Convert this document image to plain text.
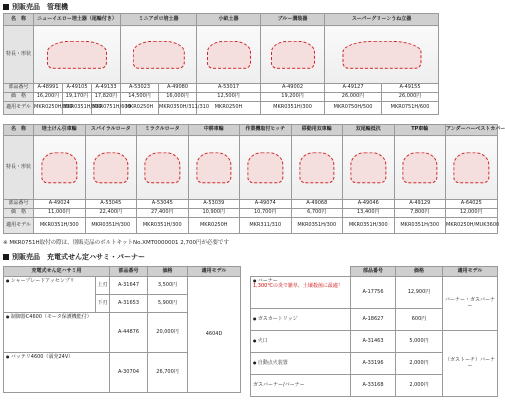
別販売品　管理機
名　称	ニューイエロー培土器（尾輪付き）			ミニアポロ培土器		小畝土器	ブルー溝装器	スーパーグリーンうね立器		
特長・形状					

部品番号	A-48991	A-49105	A-49133	A-53023	A-49080	A-53017	A-49002	A-49127	A-49155	
価　格	16,200円	19,170円	17,820円	14,500円	16,000円	12,500円	19,200円	26,000円	26,000円	
適用モデル	MKR0250H/300	MKR0351H/500	MKR0751H/600	MKR0250H	MKR0350H/311/310	MKR0250H	MKR0351H/300	MKR0750H/500	MKR0751H/600	
名　称	培土けん引車輪	スパイラルロータ	ミラクルロータ	中耕車輪	作業機取付ヒッチ	移動用双車輪	双尾輪抵抗	TP車輪	アンダーハーベストカバー
特長・形状	

部品番号	A-49024	A-53045	A-53045	A-53039	A-49074	A-49068	A-49046	A-49129	A-64025
価　格	11,000円	22,400円	27,400円	10,900円	10,700円	6,700円	13,400円	7,800円	12,000円
適用モデル	MKR0351H/300	MKR0351H/300	MKR0351H/300	MKR0250H	MKR311/310	MKR0351H/300	MKR0351H/300	MKR0351H/300	MKR0250H/MUK3600
※ MKR0751H取付の際は、別販売品のボルトキットNo.XMT0000001 2,700円が必要です
別販売品　充電式せん定ハサミ・バーナー
充電式せん定ハサミ用		部品番号	価格	適用モデル
● シャープレードアッセンブリ	上刃	A-31647	3,500円	4604D
	下刃	A-31653	5,900円	
● 制御器C4600（モータ保護機能付）		A-44876	20,000円	
● バッテリ4600（満充24V）		A-30704	26,700円	
	部品番号	価格	適用モデル

● バーナー
1,300℃の炎で雑草、土壌殺菌に最適！	A-17756	12,900円	バーナー・ガスバーナー
● ガスカートリッジ	A-18627	600円	
● 火口	A-31463	5,000円	（ガストーチ）バーナー
● 自動点火装置	A-33196	2,000円	
ガスバーナー/バーナー	A-33168	2,000円	
